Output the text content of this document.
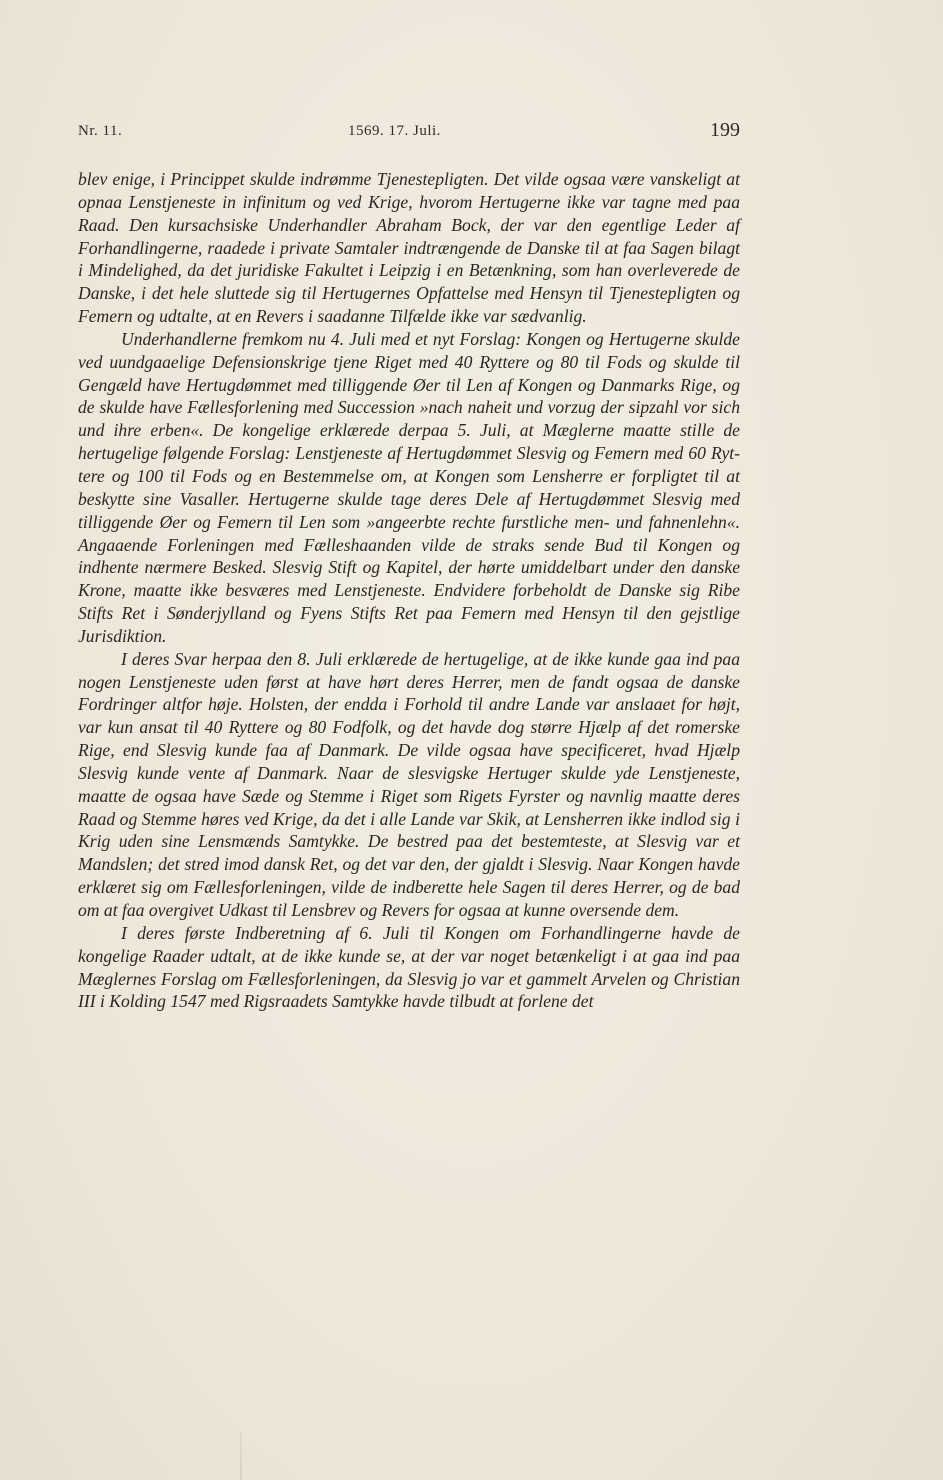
Nr. 11.	1569. 17. Juli.	199

blev enige, i Princippet skulde indrømme Tjenestepligten. Det vilde ogsaa være vanskeligt at opnaa Lenstjeneste in infinitum og ved Krige, hvorom Hertugerne ikke var tagne med paa Raad. Den kursachsiske Underhandler Abraham Bock, der var den egentlige Leder af Forhandlingerne, raadede i private Samtaler indtrængende de Danske til at faa Sagen bilagt i Mindelighed, da det juridiske Fakultet i Leipzig i en Betænkning, som han overleverede de Danske, i det hele sluttede sig til Hertugernes Opfattelse med Hensyn til Tjenestepligten og Femern og udtalte, at en Revers i saadanne Tilfælde ikke var sædvanlig.

Underhandlerne fremkom nu 4. Juli med et nyt Forslag: Kongen og Hertugerne skulde ved uundgaaelige Defensionskrige tjene Riget med 40 Ryttere og 80 til Fods og skulde til Gengæld have Hertugdømmet med tilliggende Øer til Len af Kongen og Danmarks Rige, og de skulde have Fællesforlening med Succession »nach naheit und vorzug der sipzahl vor sich und ihre erben«. De kongelige erklærede derpaa 5. Juli, at Mæglerne maatte stille de hertugelige følgende Forslag: Lenstjeneste af Hertugdømmet Slesvig og Femern med 60 Ryttere og 100 til Fods og en Bestemmelse om, at Kongen som Lensherre er forpligtet til at beskytte sine Vasaller. Hertugerne skulde tage deres Dele af Hertugdømmet Slesvig med tilliggende Øer og Femern til Len som »angeerbte rechte furstliche men- und fahnenlehn«. Angaaende Forleningen med Fælleshaanden vilde de straks sende Bud til Kongen og indhente nærmere Besked. Slesvig Stift og Kapitel, der hørte umiddelbart under den danske Krone, maatte ikke besværes med Lenstjeneste. Endvidere forbeholdt de Danske sig Ribe Stifts Ret i Sønderjylland og Fyens Stifts Ret paa Femern med Hensyn til den gejstlige Jurisdiktion.

I deres Svar herpaa den 8. Juli erklærede de hertugelige, at de ikke kunde gaa ind paa nogen Lenstjeneste uden først at have hørt deres Herrer, men de fandt ogsaa de danske Fordringer altfor høje. Holsten, der endda i Forhold til andre Lande var anslaaet for højt, var kun ansat til 40 Ryttere og 80 Fodfolk, og det havde dog større Hjælp af det romerske Rige, end Slesvig kunde faa af Danmark. De vilde ogsaa have specificeret, hvad Hjælp Slesvig kunde vente af Danmark. Naar de slesvigske Hertuger skulde yde Lenstjeneste, maatte de ogsaa have Sæde og Stemme i Riget som Rigets Fyrster og navnlig maatte deres Raad og Stemme høres ved Krige, da det i alle Lande var Skik, at Lensherren ikke indlod sig i Krig uden sine Lensmænds Samtykke. De bestred paa det bestemteste, at Slesvig var et Mandslen; det stred imod dansk Ret, og det var den, der gjaldt i Slesvig. Naar Kongen havde erklæret sig om Fællesforleningen, vilde de indberette hele Sagen til deres Herrer, og de bad om at faa overgivet Udkast til Lensbrev og Revers for ogsaa at kunne oversende dem.

I deres første Indberetning af 6. Juli til Kongen om Forhandlingerne havde de kongelige Raader udtalt, at de ikke kunde se, at der var noget betænkeligt i at gaa ind paa Mæglernes Forslag om Fællesforleningen, da Slesvig jo var et gammelt Arvelen og Christian III i Kolding 1547 med Rigsraadets Samtykke havde tilbudt at forlene det
